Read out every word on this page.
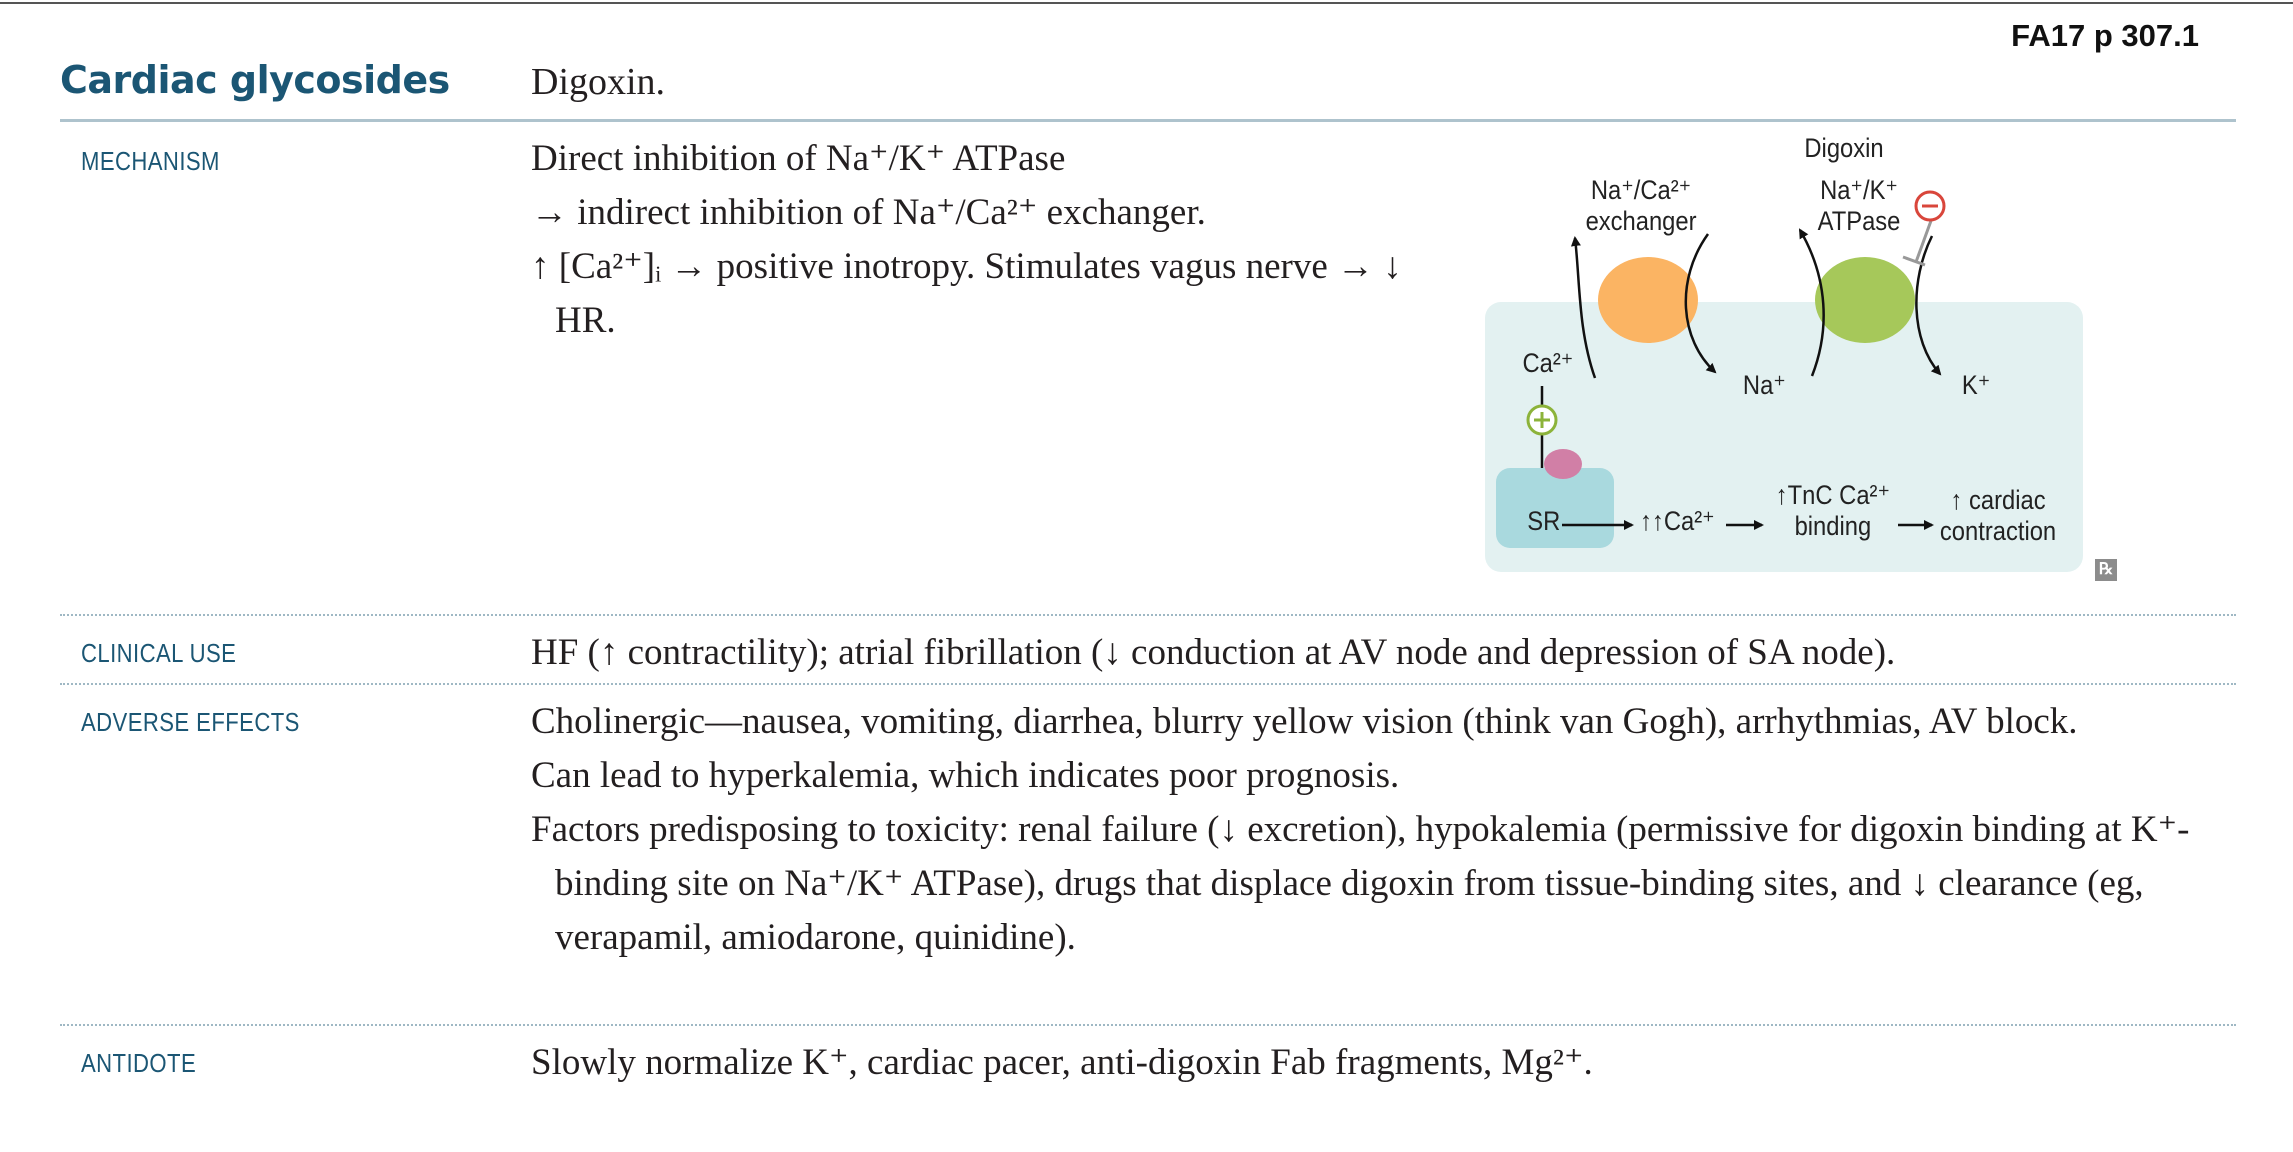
FA17 p 307.1
Cardiac glycosides Digoxin.
MECHANISM	Direct inhibition of Na⁺/K⁺ ATPase

→ indirect inhibition of Na⁺/Ca²⁺ exchanger.

↑ [Ca²⁺]ᵢ → positive inotropy. Stimulates vagus nerve → ↓ HR.

Digoxin
Na⁺/Ca²⁺
exchanger
Na⁺/K⁺
ATPase
Ca²⁺
Na⁺	K⁺
SR	↑↑Ca²⁺
↑TnC Ca²⁺
binding
↑ cardiac
contraction
℞
CLINICAL USE	HF (↑ contractility); atrial fibrillation (↓ conduction at AV node and depression of SA node).

ADVERSE EFFECTS	Cholinergic—nausea, vomiting, diarrhea, blurry yellow vision (think van Gogh), arrhythmias, AV block.

Can lead to hyperkalemia, which indicates poor prognosis.

Factors predisposing to toxicity: renal failure (↓ excretion), hypokalemia (permissive for digoxin binding at K⁺-binding site on Na⁺/K⁺ ATPase), drugs that displace digoxin from tissue-binding sites, and ↓ clearance (eg, verapamil, amiodarone, quinidine).

ANTIDOTE	Slowly normalize K⁺, cardiac pacer, anti-digoxin Fab fragments, Mg²⁺.
